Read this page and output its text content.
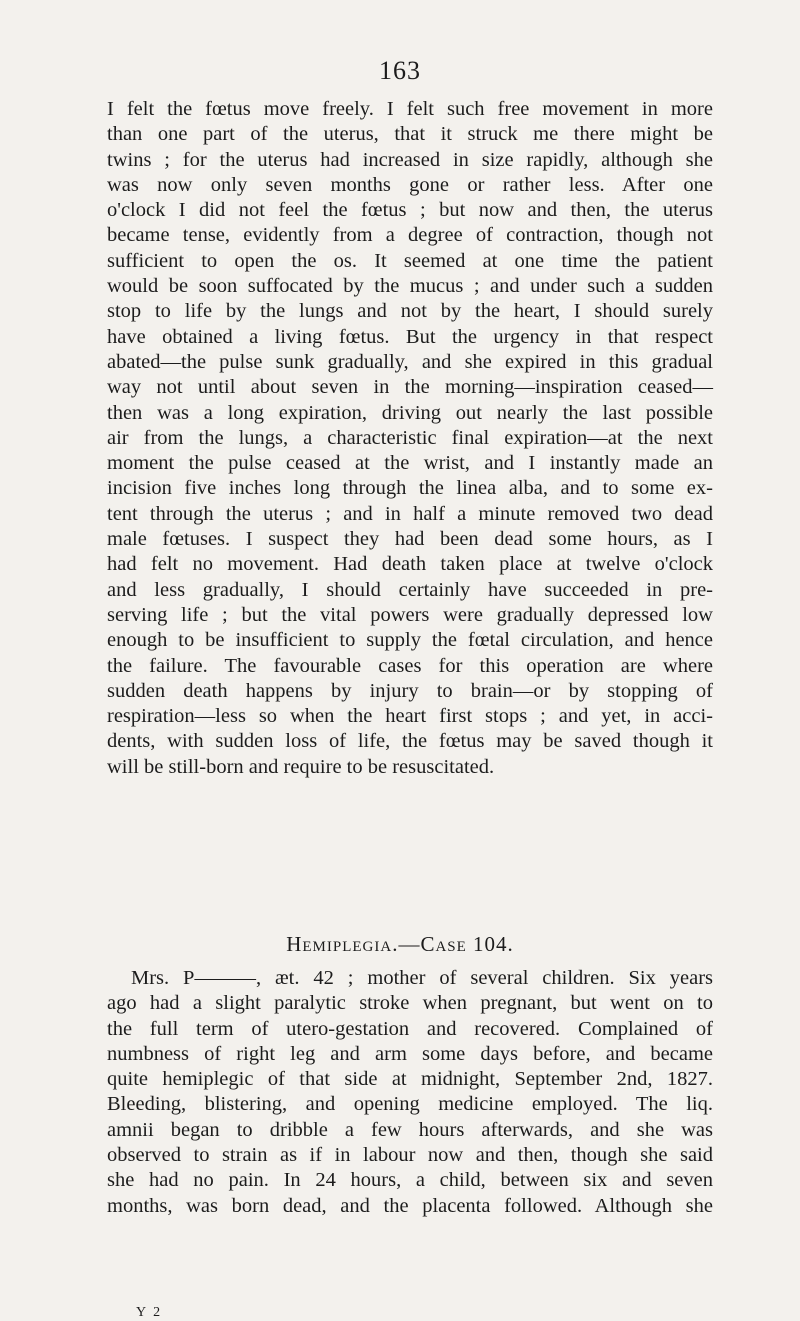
163
I felt the fœtus move freely. I felt such free movement in more
than one part of the uterus, that it struck me there might be
twins ; for the uterus had increased in size rapidly, although she
was now only seven months gone or rather less. After one
o'clock I did not feel the fœtus ; but now and then, the uterus
became tense, evidently from a degree of contraction, though not
sufficient to open the os. It seemed at one time the patient
would be soon suffocated by the mucus ; and under such a sudden
stop to life by the lungs and not by the heart, I should surely
have obtained a living fœtus. But the urgency in that respect
abated—the pulse sunk gradually, and she expired in this gradual
way not until about seven in the morning—inspiration ceased—
then was a long expiration, driving out nearly the last possible
air from the lungs, a characteristic final expiration—at the next
moment the pulse ceased at the wrist, and I instantly made an
incision five inches long through the linea alba, and to some ex-
tent through the uterus ; and in half a minute removed two dead
male fœtuses. I suspect they had been dead some hours, as I
had felt no movement. Had death taken place at twelve o'clock
and less gradually, I should certainly have succeeded in pre-
serving life ; but the vital powers were gradually depressed low
enough to be insufficient to supply the fœtal circulation, and hence
the failure. The favourable cases for this operation are where
sudden death happens by injury to brain—or by stopping of
respiration—less so when the heart first stops ; and yet, in acci-
dents, with sudden loss of life, the fœtus may be saved though it
will be still-born and require to be resuscitated.
Hemiplegia.—Case 104.
Mrs. P———, æt. 42 ; mother of several children. Six years
ago had a slight paralytic stroke when pregnant, but went on to
the full term of utero-gestation and recovered. Complained of
numbness of right leg and arm some days before, and became
quite hemiplegic of that side at midnight, September 2nd, 1827.
Bleeding, blistering, and opening medicine employed. The liq.
amnii began to dribble a few hours afterwards, and she was
observed to strain as if in labour now and then, though she said
she had no pain. In 24 hours, a child, between six and seven
months, was born dead, and the placenta followed. Although she
Y 2
